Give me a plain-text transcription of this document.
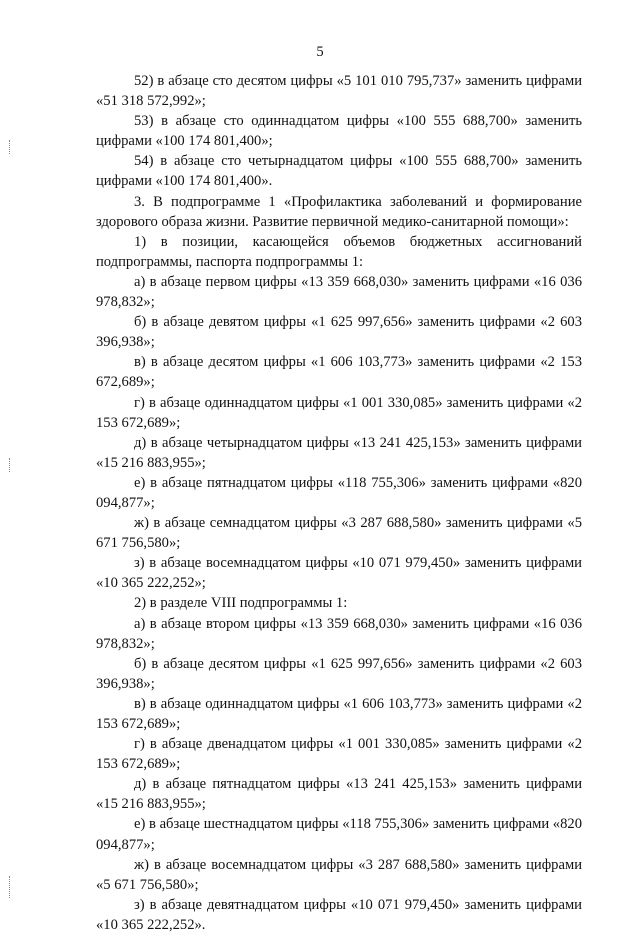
5

52) в абзаце сто десятом цифры «5 101 010 795,737» заменить цифрами «51 318 572,992»;

53) в абзаце сто одиннадцатом цифры «100 555 688,700» заменить цифрами «100 174 801,400»;

54) в абзаце сто четырнадцатом цифры «100 555 688,700» заменить цифрами «100 174 801,400».

3. В подпрограмме 1 «Профилактика заболеваний и формирование здорового образа жизни. Развитие первичной медико-санитарной помощи»:

1) в позиции, касающейся объемов бюджетных ассигнований подпрограммы, паспорта подпрограммы 1:

а) в абзаце первом цифры «13 359 668,030» заменить цифрами «16 036 978,832»;

б) в абзаце девятом цифры «1 625 997,656» заменить цифрами «2 603 396,938»;

в) в абзаце десятом цифры «1 606 103,773» заменить цифрами «2 153 672,689»;

г) в абзаце одиннадцатом цифры «1 001 330,085» заменить цифрами «2 153 672,689»;

д) в абзаце четырнадцатом цифры «13 241 425,153» заменить цифрами «15 216 883,955»;

е) в абзаце пятнадцатом цифры «118 755,306» заменить цифрами «820 094,877»;

ж) в абзаце семнадцатом цифры «3 287 688,580» заменить цифрами «5 671 756,580»;

з) в абзаце восемнадцатом цифры «10 071 979,450» заменить цифрами «10 365 222,252»;

2) в разделе VIII подпрограммы 1:

а) в абзаце втором цифры «13 359 668,030» заменить цифрами «16 036 978,832»;

б) в абзаце десятом цифры «1 625 997,656» заменить цифрами «2 603 396,938»;

в) в абзаце одиннадцатом цифры «1 606 103,773» заменить цифрами «2 153 672,689»;

г) в абзаце двенадцатом цифры «1 001 330,085» заменить цифрами «2 153 672,689»;

д) в абзаце пятнадцатом цифры «13 241 425,153» заменить цифрами «15 216 883,955»;

е) в абзаце шестнадцатом цифры «118 755,306» заменить цифрами «820 094,877»;

ж) в абзаце восемнадцатом цифры «3 287 688,580» заменить цифрами «5 671 756,580»;

з) в абзаце девятнадцатом цифры «10 071 979,450» заменить цифрами «10 365 222,252».
